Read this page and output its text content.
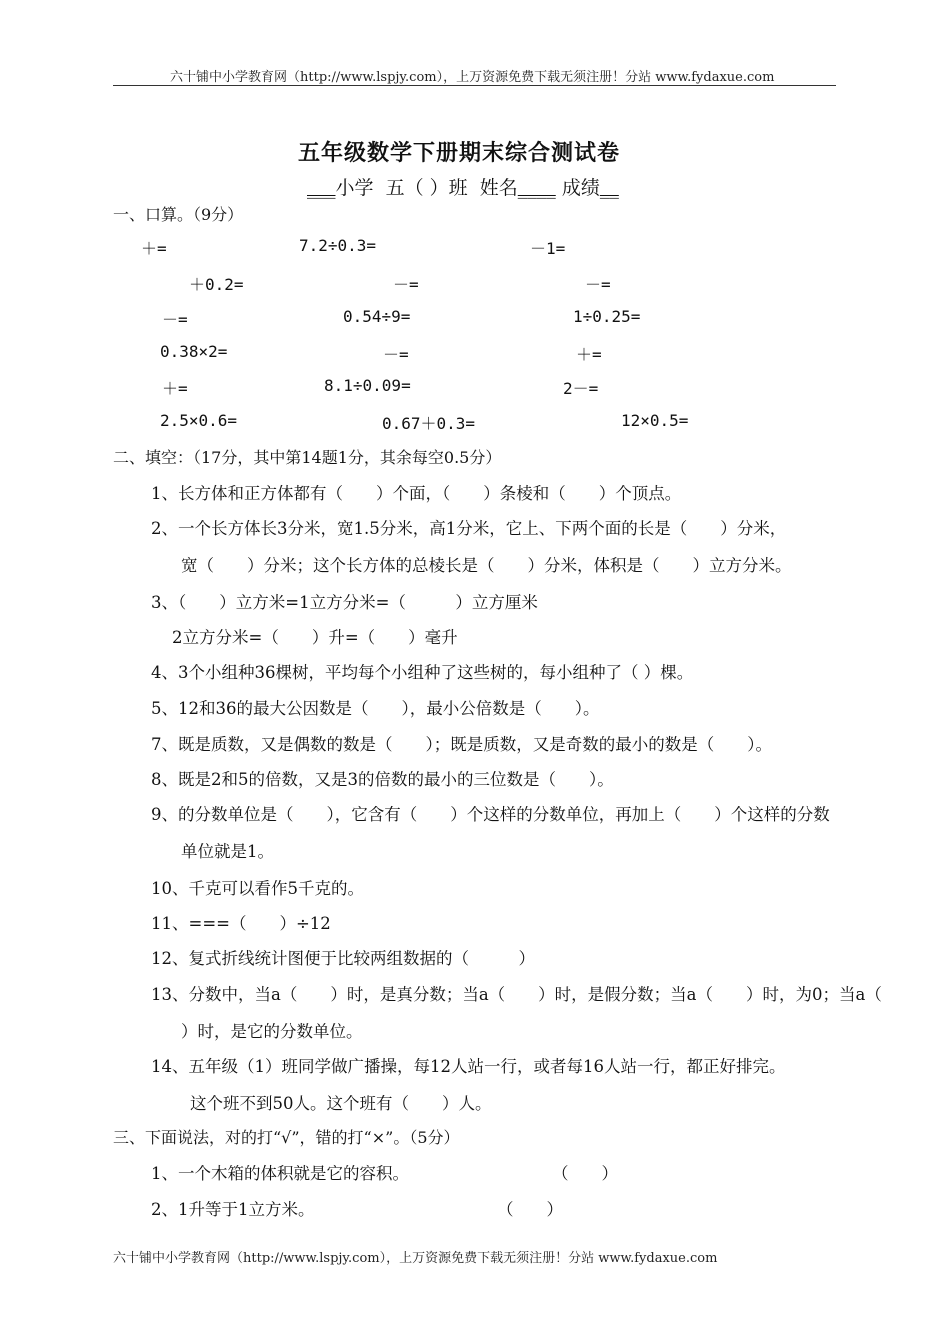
六十铺中小学教育网（http://www.lspjy.com），上万资源免费下载无须注册！分站 www.fydaxue.com
五年级数学下册期末综合测试卷
___小学 五（ ）班 姓名____ 成绩__
一、口算。（9分）
＋=	7.2÷0.3=	－1=
＋0.2=	－=	－=
－=	0.54÷9=	1÷0.25=
0.38×2=	－=	＋=
＋=	8.1÷0.09=	2－=
2.5×0.6=	0.67＋0.3=	12×0.5=
二、填空：（17分，其中第14题1分，其余每空0.5分）
1、长方体和正方体都有（　　）个面，（　　）条棱和（　　）个顶点。
2、一个长方体长3分米，宽1.5分米，高1分米，它上、下两个面的长是（　　）分米，
宽（　　）分米；这个长方体的总棱长是（　　）分米，体积是（　　）立方分米。
3、（　　）立方米=1立方分米=（　　　）立方厘米
2立方分米=（　　）升=（　　）毫升
4、3个小组种36棵树，平均每个小组种了这些树的，每小组种了（ ）棵。
5、12和36的最大公因数是（　　），最小公倍数是（　　）。
7、既是质数，又是偶数的数是（　　）；既是质数，又是奇数的最小的数是（　　）。
8、既是2和5的倍数，又是3的倍数的最小的三位数是（　　）。
9、的分数单位是（　　），它含有（　　）个这样的分数单位，再加上（　　）个这样的分数
单位就是1。
10、千克可以看作5千克的。
11、===（　　）÷12
12、复式折线统计图便于比较两组数据的（　　　）
13、分数中，当a（　　）时，是真分数；当a（　　）时，是假分数；当a（　　）时，为0；当a（
）时，是它的分数单位。
14、五年级（1）班同学做广播操，每12人站一行，或者每16人站一行，都正好排完。
这个班不到50人。这个班有（　　）人。
三、下面说法，对的打“√”，错的打“×”。（5分）
1、一个木箱的体积就是它的容积。	（　　）
2、1升等于1立方米。	（　　）
六十铺中小学教育网（http://www.lspjy.com），上万资源免费下载无须注册！分站 www.fydaxue.com
